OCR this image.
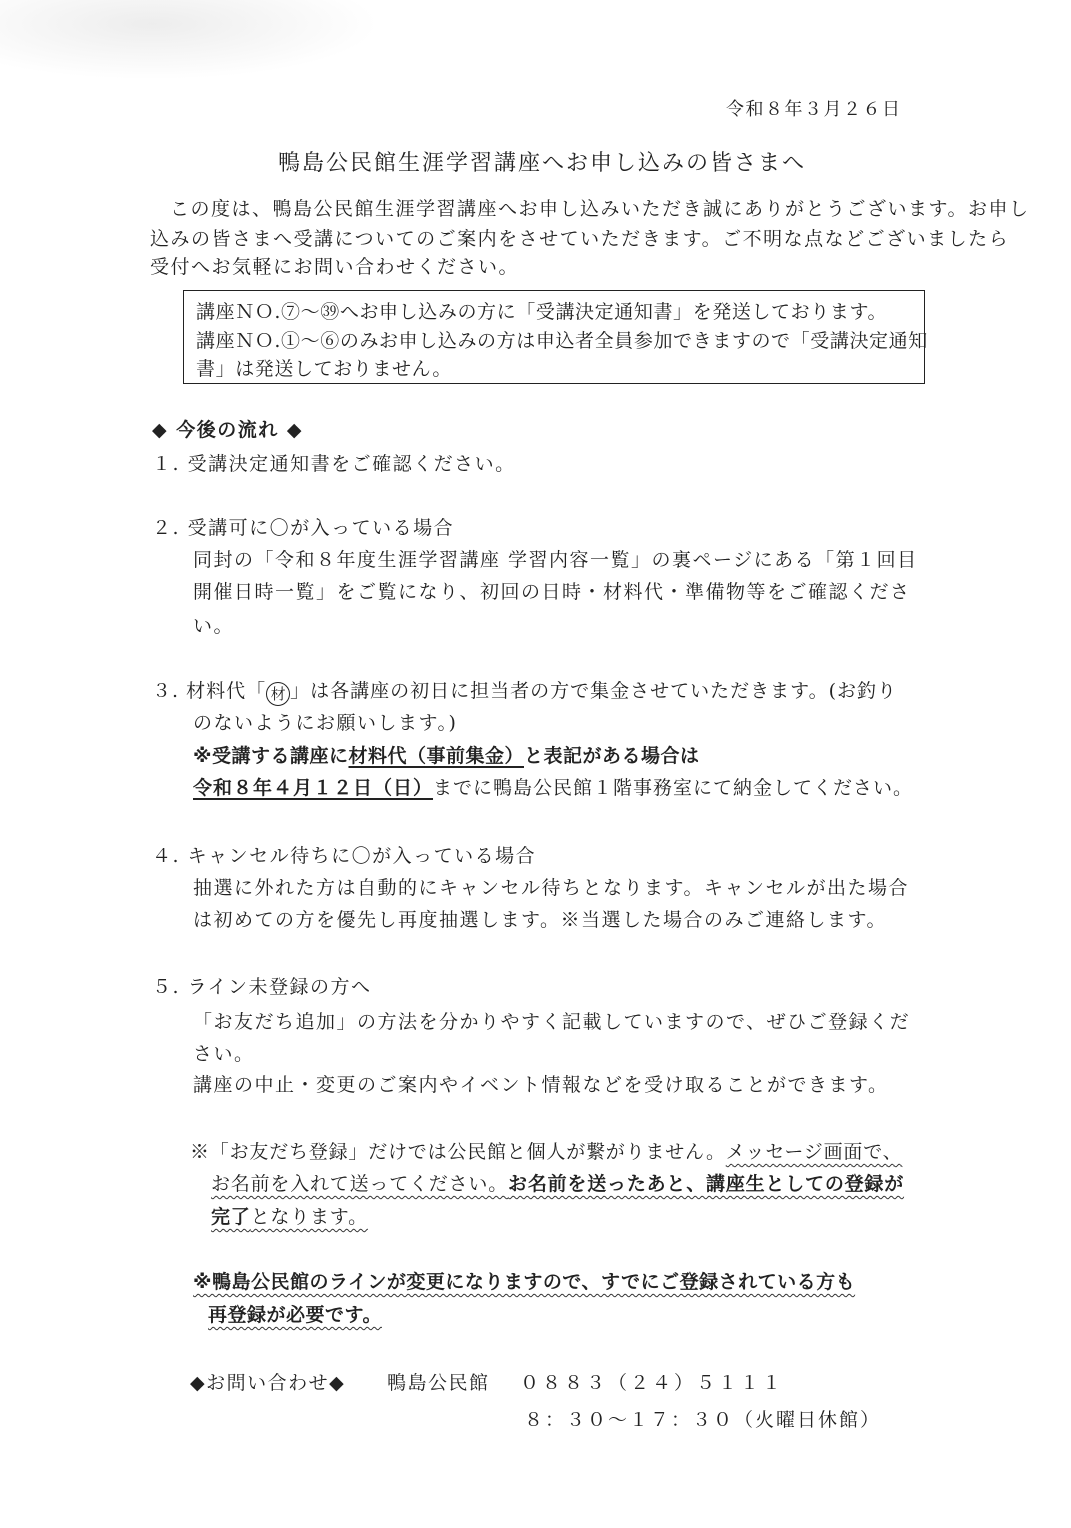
令和８年３月２６日
鴨島公民館生涯学習講座へお申し込みの皆さまへ
この度は、鴨島公民館生涯学習講座へお申し込みいただき誠にありがとうございます。お申し
込みの皆さまへ受講についてのご案内をさせていただきます。ご不明な点などございましたら
受付へお気軽にお問い合わせください。
講座ＮＯ.⑦～㊴へお申し込みの方に「受講決定通知書」を発送しております。
講座ＮＯ.①～⑥のみお申し込みの方は申込者全員参加できますので「受講決定通知
書」は発送しておりません。
◆ 今後の流れ ◆
１. 受講決定通知書をご確認ください。
２. 受講可に〇が入っている場合
同封の「令和８年度生涯学習講座 学習内容一覧」の裏ページにある「第１回目
開催日時一覧」をご覧になり、初回の日時・材料代・準備物等をご確認くださ
い。
３. 材料代「 材 」は各講座の初日に担当者の方で集金させていただきます。(お釣り
のないようにお願いします。)
※受講する講座に材料代（事前集金）と表記がある場合は
令和８年４月１２日（日）までに鴨島公民館１階事務室にて納金してください。
４. キャンセル待ちに〇が入っている場合
抽選に外れた方は自動的にキャンセル待ちとなります。キャンセルが出た場合
は初めての方を優先し再度抽選します。※当選した場合のみご連絡します。
５. ライン未登録の方へ
「お友だち追加」の方法を分かりやすく記載していますので、ぜひご登録くだ
さい。
講座の中止・変更のご案内やイベント情報などを受け取ることができます。
※「お友だち登録」だけでは公民館と個人が繋がりません。メッセージ画面で、
お名前を入れて送ってください。お名前を送ったあと、講座生としての登録が
完了となります。
※鴨島公民館のラインが変更になりますので、すでにご登録されている方も
再登録が必要です。
◆お問い合わせ◆ 鴨島公民館 ０８８３（２４）５１１１
８：３０～１７：３０（火曜日休館）
